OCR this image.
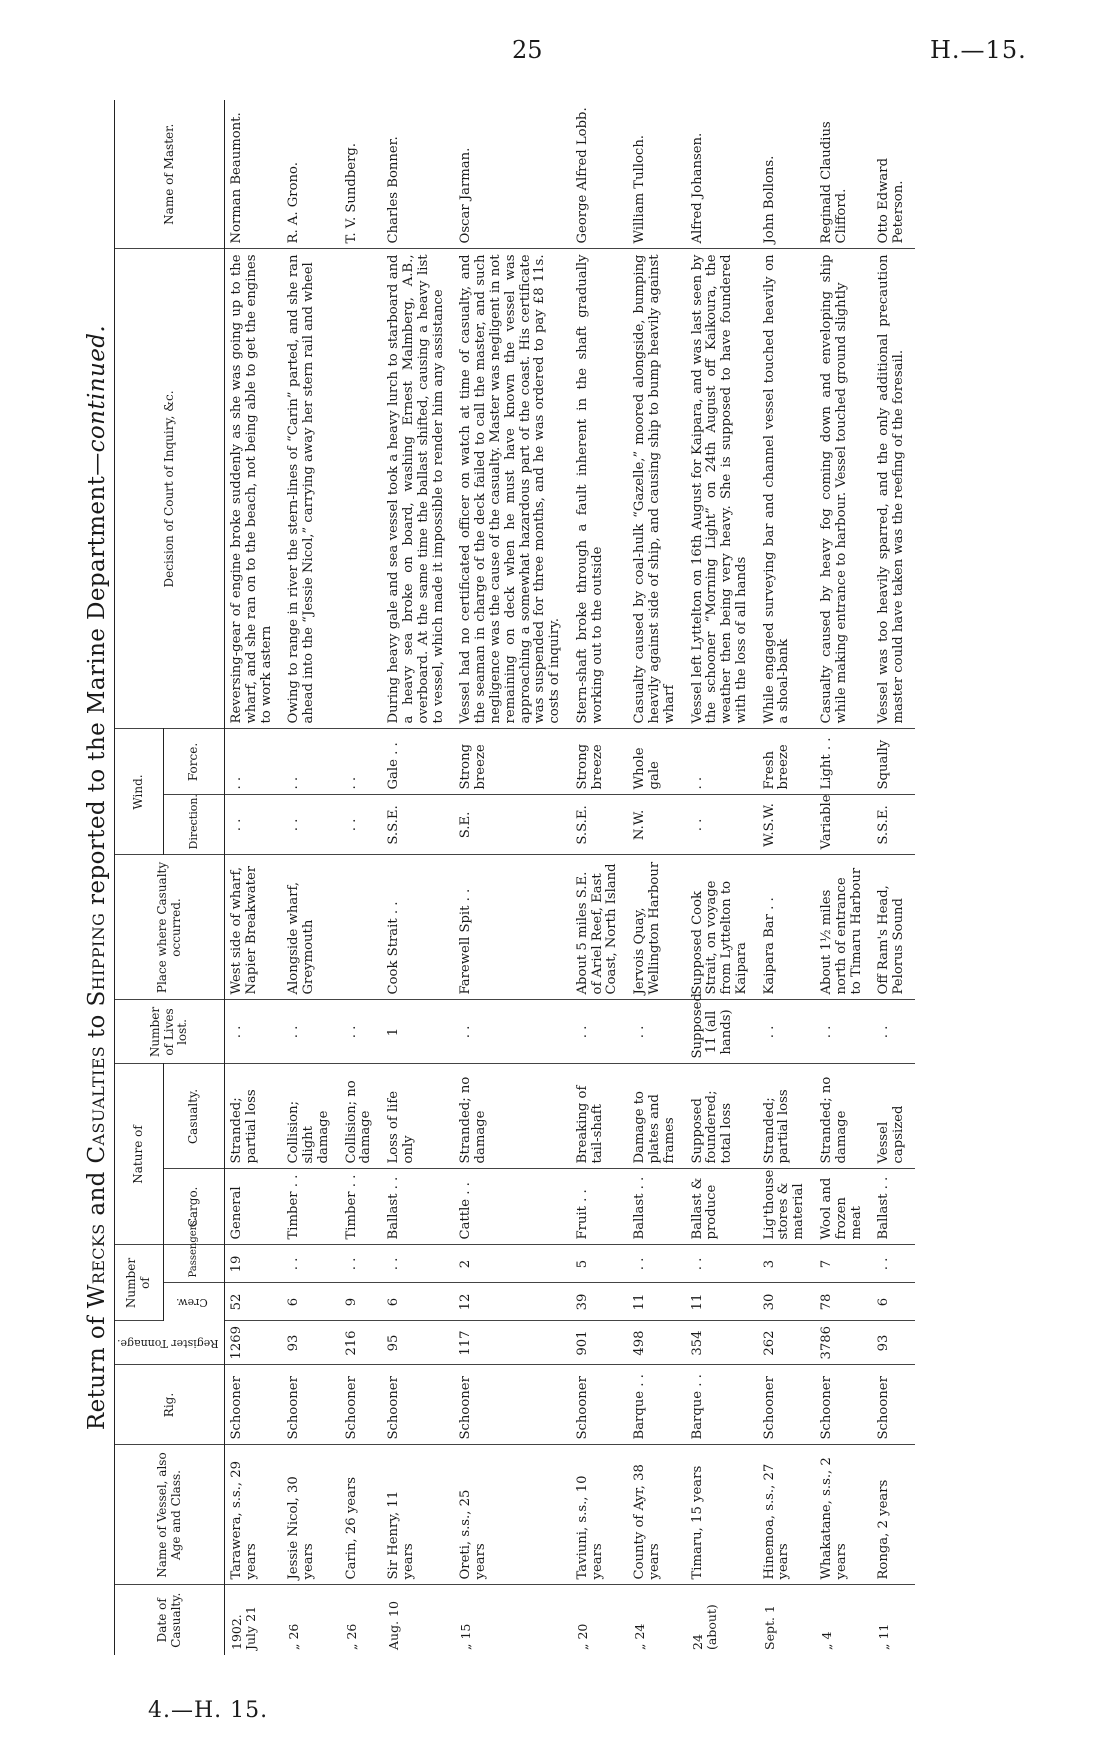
25	H.—15.
Return of Wrecks and Casualties to Shipping reported to the Marine Department—continued.
Date of Casualty.	Name of Vessel, also Age and Class.	Rig.	Register Tonnage.	Number of		Nature of		Number of Lives lost.	Place where Casualty occurred.	Wind.		Decision of Court of Inquiry, &c.	Name of Master.
				Crew.	Passengers.	Cargo.	Casualty.			Direction.	Force.		
1902.
July 21	Tarawera, s.s., 29 years	Schooner	1269	52	19	General	Stranded; partial loss	. .	West side of wharf, Napier Breakwater	. .	. .	Reversing-gear of engine broke suddenly as she was going up to the wharf, and she ran on to the beach, not being able to get the engines to work astern	Norman Beaumont.
„ 26	Jessie Nicol, 30 years	Schooner	93	6	. .	Timber . .	Collision; slight damage	. .	Alongside wharf, Greymouth	. .	. .	Owing to range in river the stern-lines of “Carin” parted, and she ran ahead into the “Jessie Nicol,” carrying away her stern rail and wheel	R. A. Grono.
„ 26	Carin, 26 years	Schooner	216	9	. .	Timber . .	Collision; no damage	. .		. .	. .		T. V. Sundberg.
Aug. 10	Sir Henry, 11 years	Schooner	95	6	. .	Ballast . .	Loss of life only	1	Cook Strait . .	S.S.E.	Gale . .	During heavy gale and sea vessel took a heavy lurch to starboard and a heavy sea broke on board, washing Ernest Malmberg, A.B., overboard. At the same time the ballast shifted, causing a heavy list to vessel, which made it impossible to render him any assistance	Charles Bonner.
„ 15	Oreti, s.s., 25 years	Schooner	117	12	2	Cattle . .	Stranded; no damage	. .	Farewell Spit . .	S.E.	Strong breeze	Vessel had no certificated officer on watch at time of casualty, and the seaman in charge of the deck failed to call the master, and such negligence was the cause of the casualty. Master was negligent in not remaining on deck when he must have known the vessel was approaching a somewhat hazardous part of the coast. His certificate was suspended for three months, and he was ordered to pay £8 11s. costs of inquiry.	Oscar Jarman.
„ 20	Taviuni, s.s., 10 years	Schooner	901	39	5	Fruit . .	Breaking of tail-shaft	. .	About 5 miles S.E. of Ariel Reef, East Coast, North Island	S.S.E.	Strong breeze	Stern-shaft broke through a fault inherent in the shaft gradually working out to the outside	George Alfred Lobb.
„ 24	County of Ayr, 38 years	Barque . .	498	11	. .	Ballast . .	Damage to plates and frames	. .	Jervois Quay, Wellington Harbour	N.W.	Whole gale	Casualty caused by coal-hulk “Gazelle,” moored alongside, bumping heavily against side of ship, and causing ship to bump heavily against wharf	William Tulloch.
24
(about)	Timaru, 15 years	Barque . .	354	11	. .	Ballast & produce	Supposed foundered; total loss	Supposed 11 (all hands)	Supposed Cook Strait, on voyage from Lyttelton to Kaipara	. .	. .	Vessel left Lyttelton on 16th August for Kaipara, and was last seen by the schooner “Morning Light” on 24th August off Kaikoura, the weather then being very heavy. She is supposed to have foundered with the loss of all hands	Alfred Johansen.
Sept. 1	Hinemoa, s.s., 27 years	Schooner	262	30	3	Lig'thouse stores & material	Stranded; partial loss	. .	Kaipara Bar . .	W.S.W.	Fresh breeze	While engaged surveying bar and channel vessel touched heavily on a shoal-bank	John Bollons.
„ 4	Whakatane, s.s., 2 years	Schooner	3786	78	7	Wool and frozen meat	Stranded; no damage	. .	About 1½ miles north of entrance to Timaru Harbour	Variable	Light . .	Casualty caused by heavy fog coming down and enveloping ship while making entrance to harbour. Vessel touched ground slightly	Reginald Claudius Clifford.
„ 11	Ronga, 2 years	Schooner	93	6	. .	Ballast . .	Vessel capsized	. .	Off Ram's Head, Pelorus Sound	S.S.E.	Squally	Vessel was too heavily sparred, and the only additional precaution master could have taken was the reefing of the foresail.	Otto Edward Peterson.
4.—H. 15.
